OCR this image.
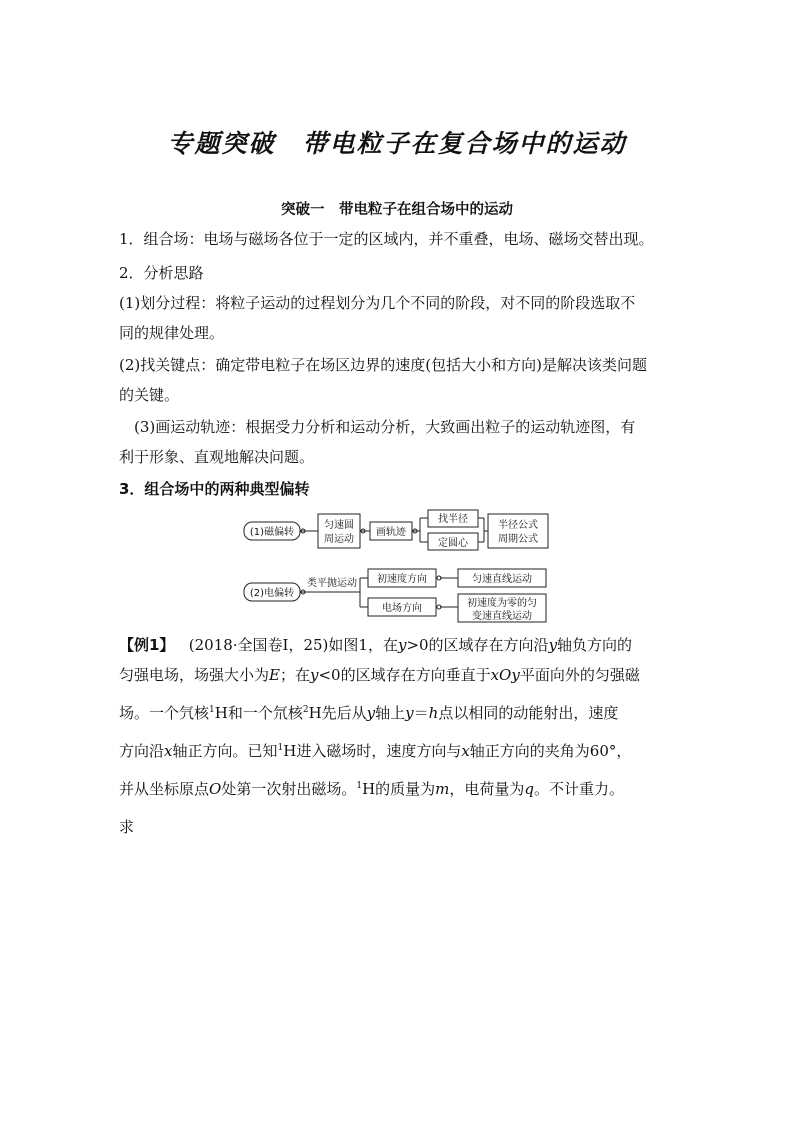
专题突破　带电粒子在复合场中的运动
突破一　带电粒子在组合场中的运动
1．组合场：电场与磁场各位于一定的区域内，并不重叠，电场、磁场交替出现。
2．分析思路
(1)划分过程：将粒子运动的过程划分为几个不同的阶段，对不同的阶段选取不
同的规律处理。
(2)找关键点：确定带电粒子在场区边界的速度(包括大小和方向)是解决该类问题
的关键。
(3)画运动轨迹：根据受力分析和运动分析，大致画出粒子的运动轨迹图，有
利于形象、直观地解决问题。
3．组合场中的两种典型偏转
(1)磁偏转
匀速圆
周运动
画轨迹
找半径
定圆心
半径公式
周期公式
(2)电偏转
类平抛运动 初速度方向
电场方向
匀速直线运动
初速度为零的匀
变速直线运动
【例1】 (2018·全国卷Ⅰ，25)如图1，在y>0的区域存在方向沿y轴负方向的
匀强电场，场强大小为E；在y<0的区域存在方向垂直于xOy平面向外的匀强磁
场。一个氕核$^1$H和一个氘核$^2$H先后从y轴上y＝h点以相同的动能射出，速度
方向沿x轴正方向。已知$^1$H进入磁场时，速度方向与x轴正方向的夹角为60°，
并从坐标原点O处第一次射出磁场。$^1$H的质量为m，电荷量为q。不计重力。
求
